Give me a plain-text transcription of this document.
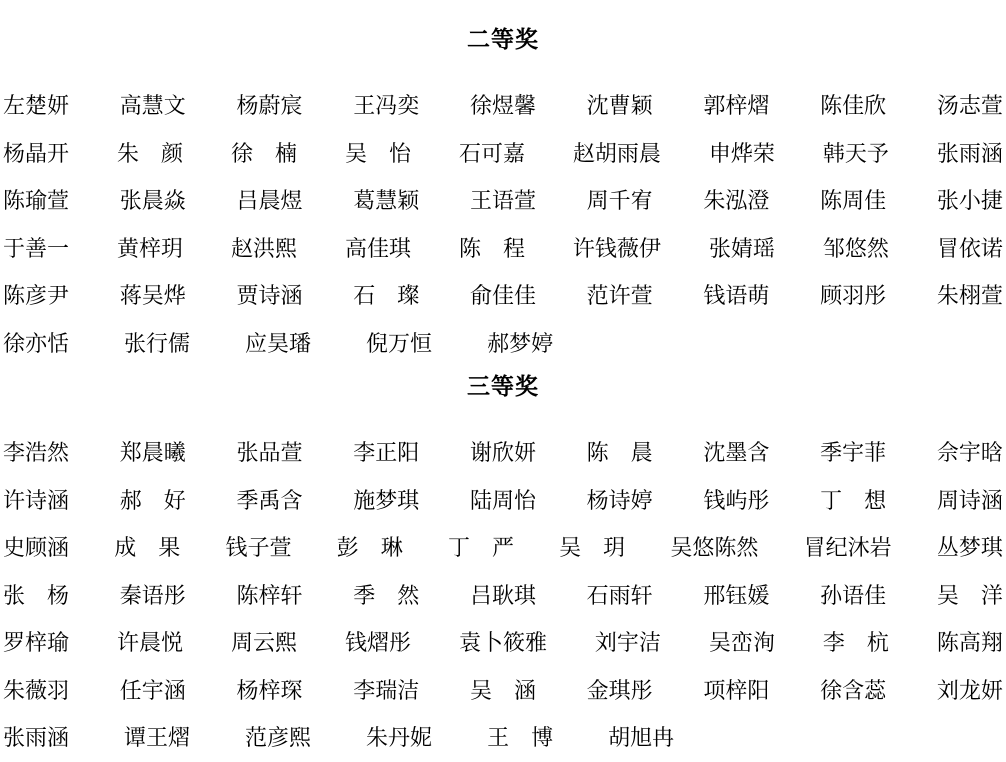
二等奖
左楚妍 高慧文 杨蔚宸 王冯奕 徐煜馨 沈曹颖 郭梓熠 陈佳欣 汤志萱
杨晶开 朱　颜 徐　楠 吴　怡 石可嘉 赵胡雨晨 申烨荣 韩天予 张雨涵
陈瑜萱 张晨焱 吕晨煜 葛慧颖 王语萱 周千宥 朱泓澄 陈周佳 张小捷
于善一 黄梓玥 赵洪熙 高佳琪 陈　程 许钱薇伊 张婧瑶 邹悠然 冒依诺
陈彦尹 蒋吴烨 贾诗涵 石　璨 俞佳佳 范许萱 钱语萌 顾羽彤 朱栩萱
徐亦恬	张行儒	应昊璠	倪万恒	郝梦婷
三等奖
李浩然 郑晨曦 张品萱 李正阳 谢欣妍 陈　晨 沈墨含 季宇菲 佘宇晗
许诗涵 郝　好 季禹含 施梦琪 陆周怡 杨诗婷 钱屿彤 丁　想 周诗涵
史顾涵 成　果 钱子萱 彭　琳 丁　严 吴　玥 吴悠陈然 冒纪沐岩 丛梦琪
张　杨 秦语彤 陈梓轩 季　然 吕耿琪 石雨轩 邢钰媛 孙语佳 吴　洋
罗梓瑜 许晨悦 周云熙 钱熠彤 袁卜筱雅 刘宇洁 吴峦洵 李　杭 陈高翔
朱薇羽 任宇涵 杨梓琛 李瑞洁 吴　涵 金琪彤 项梓阳 徐含蕊 刘龙妍
张雨涵	谭王熠	范彦熙	朱丹妮	王　博	胡旭冉
